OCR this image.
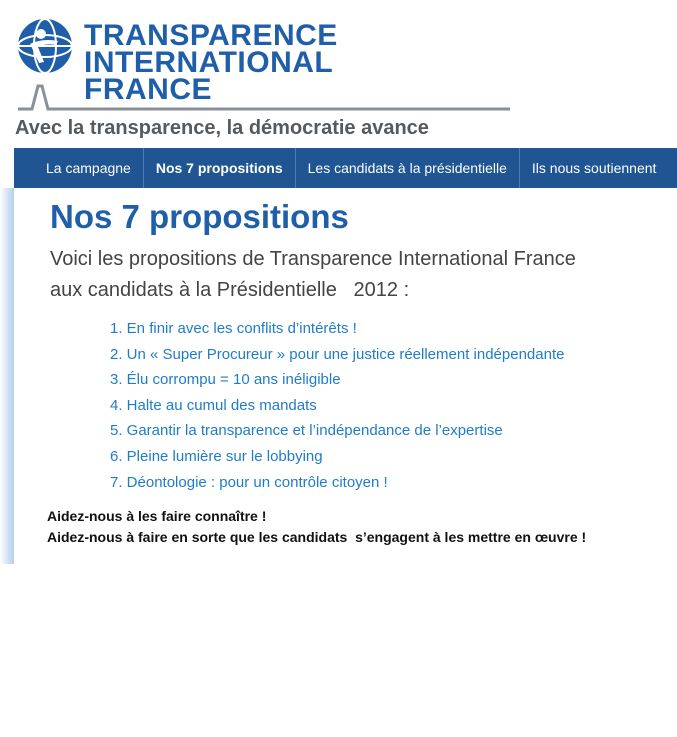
TRANSPARENCE
INTERNATIONAL
FRANCE
Avec la transparence, la démocratie avance
La campagne	Nos 7 propositions	Les candidats à la présidentielle	Ils nous soutiennent
Nos 7 propositions
Voici les propositions de Transparence International France
aux candidats à la Présidentielle   2012 :
1. En finir avec les conflits d’intérêts !
2. Un « Super Procureur » pour une justice réellement indépendante
3. Élu corrompu = 10 ans inéligible
4. Halte au cumul des mandats
5. Garantir la transparence et l’indépendance de l’expertise
6. Pleine lumière sur le lobbying
7. Déontologie : pour un contrôle citoyen !
Aidez-nous à les faire connaître !
Aidez-nous à faire en sorte que les candidats  s’engagent à les mettre en œuvre !
